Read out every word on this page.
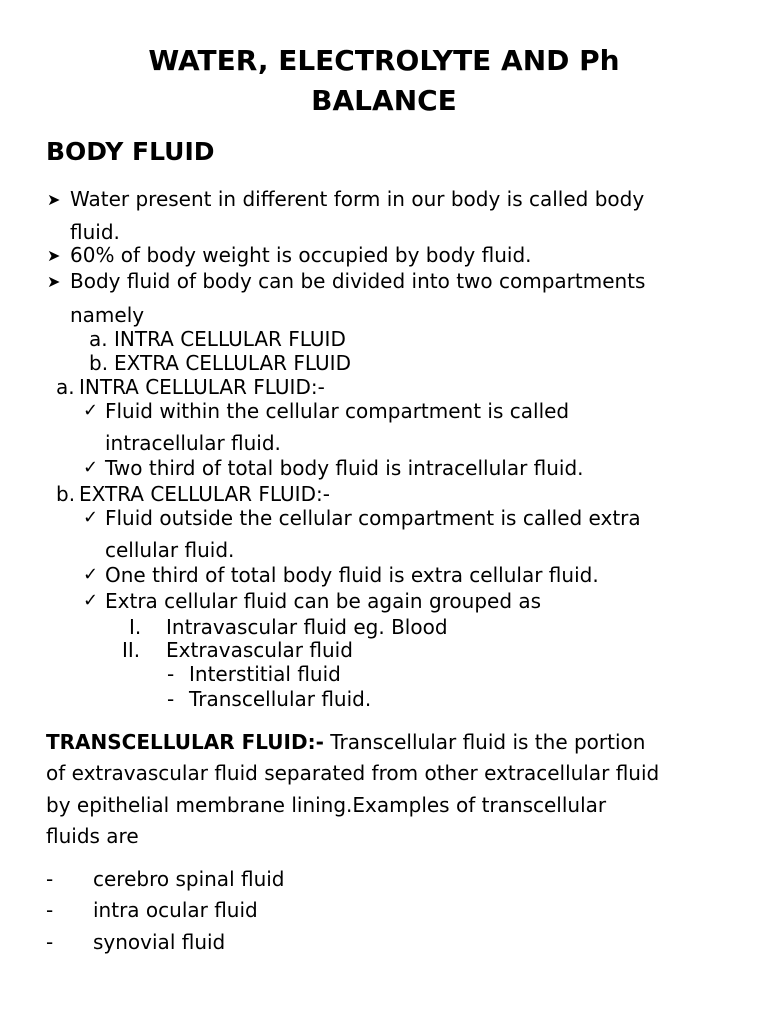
WATER, ELECTROLYTE AND Ph
BALANCE
BODY FLUID
➤ Water present in different form in our body is called body
fluid.
➤ 60% of body weight is occupied by body fluid.
➤ Body fluid of body can be divided into two compartments
namely
a. INTRA CELLULAR FLUID
b. EXTRA CELLULAR FLUID
a. INTRA CELLULAR FLUID:-
✓ Fluid within the cellular compartment is called
intracellular fluid.
✓ Two third of total body fluid is intracellular fluid.
b. EXTRA CELLULAR FLUID:-
✓ Fluid outside the cellular compartment is called extra
cellular fluid.
✓ One third of total body fluid is extra cellular fluid.
✓ Extra cellular fluid can be again grouped as
I. Intravascular fluid eg. Blood
II. Extravascular fluid
- Interstitial fluid
- Transcellular fluid.
TRANSCELLULAR FLUID:- Transcellular fluid is the portion
of extravascular fluid separated from other extracellular fluid
by epithelial membrane lining.Examples of transcellular
fluids are
- cerebro spinal fluid
- intra ocular fluid
- synovial fluid
